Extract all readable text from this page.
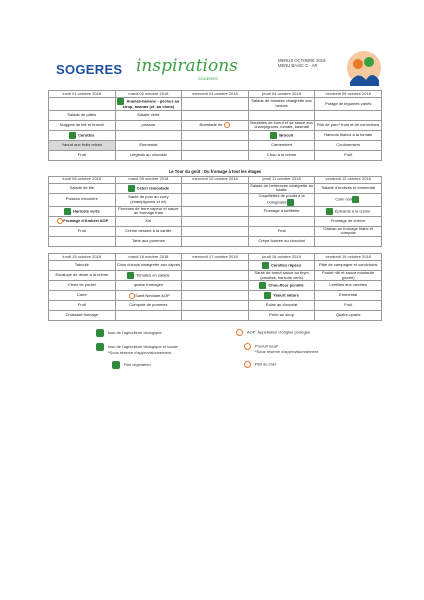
SOGERES inspirations
SOGERES
MENUS OCTOBRE 2018
MENU BASIC C - AR
lundi 01 octobre 2018	mardi 02 octobre 2018	mercredi 03 octobre 2018	jeudi 04 octobre 2018	vendredi 05 octobre 2018
	Ananas-banane - pêches au sirop, ananas (cf. au choix)		Salade de tomates vinaigrette aux herbes	Potage de légumes variés
Salade de pâtes	Salade verte			
Nuggets de blé et brocoli	poisson	Brandade de	Boulettes de boeuf et sa sauce aux champignons, tomate, basmati	Rôti de porc* froid et de cornichons
Carottes			Brocoli	Haricots blancs à la tomate
Yaourt aux fruits mixés	Emmental		Camembert	Coulommiers
Fruit	Liégeois au chocolat		Chou à la crème	Fruit
Le Tour du goût : Du fromage à tout les étages
lundi 08 octobre 2018	mardi 09 octobre 2018	mercredi 10 octobre 2018	jeudi 11 octobre 2018	vendredi 12 octobre 2018
Salade de blé	Céleri rémoulade		Salade de betteraves vinaigrette au basilic	Salade d'endives et emmental
Poisson meunière	Sauté de porc au curry (champignons et riz)		Coquillettes de poulet à la bolognaise	Colin noir
Haricots verts	Pommes de terre vapeur et sauce au fromage frais		Fromage à tartiflette	Épinards à la crème
Fromage d'Ambert AOP	Kiri			Fromage de chèvre
Fruit	Crème dessert à la vanille		Fruit	Gâteau au fromage blanc et compote
	Tarte aux pommes		Crêpe fourrée au chocolat	
lundi 15 octobre 2018	mardi 16 octobre 2018	mercredi 17 octobre 2018	jeudi 18 octobre 2018	vendredi 19 octobre 2018
Taboulé	Chou chinois vinaigrette aux câpres		Carottes râpées	Pâté de campagne et cornichons
Escalope de dinde à la crème	Tomates en salade		Sauté de boeuf sauce au thym (carottes, haricots verts)	Poulet rôti et sauce moutarde (purée)
Choix de poulet	quatre fromages		Chou-fleur persillé	Lentilles aux carottes
Carré	Saint Nectaire AOP		Yaourt nature	Emmental
Fruit	Compote de pommes		Éclair au chocolat	Fruit
Croissant fromage			Poire au sirop	Quatre-quarts
Issu de l'agriculture biologique	AOP: Appellation d'origine protégée
Issu de l'agriculture biologique et locale
*Sous réserve d'approvisionnement
Produit local*
*Sous réserve d'approvisionnement
Plat végétarien	Plat du chef
